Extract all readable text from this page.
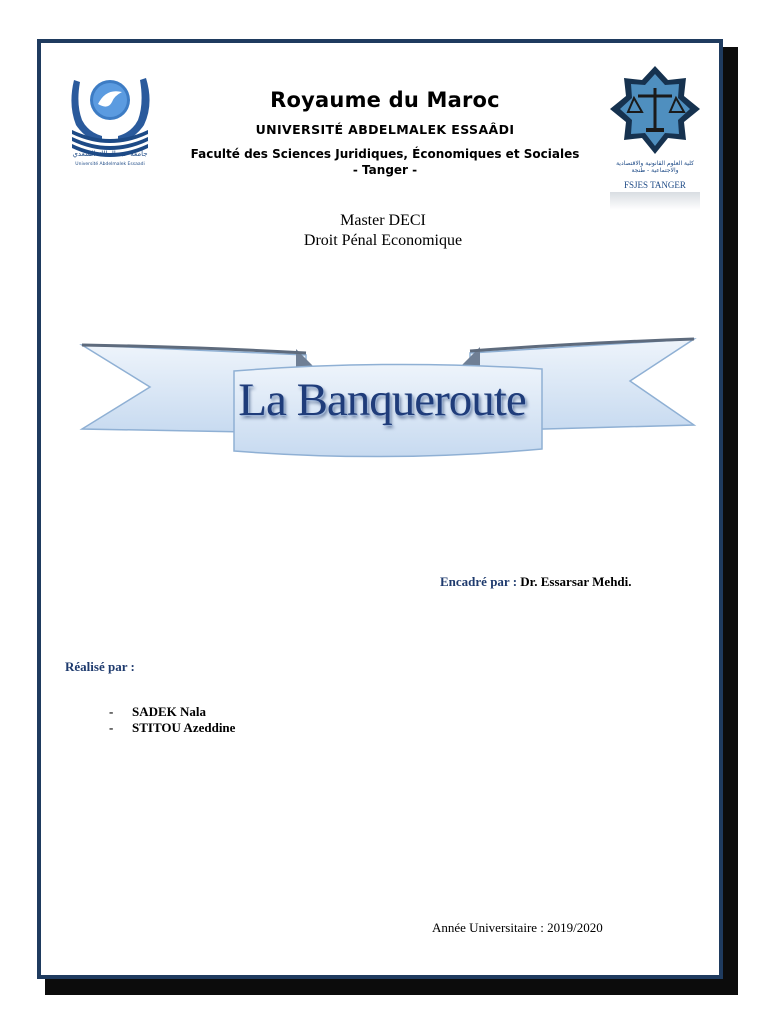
جامعة عبد المالك السعدي
Université Abdelmalek Essaadi
Royaume du Maroc
UNIVERSITÉ ABDELMALEK ESSAÂDI
Faculté des Sciences Juridiques, Économiques et Sociales
- Tanger -	كلية العلوم القانونية والاقتصادية والاجتماعية - طنجة
FSJES TANGER
Master DECI
Droit Pénal Economique
La Banqueroute
Encadré par : Dr. Essarsar Mehdi.
Réalisé par :
- SADEK Nala
- STITOU Azeddine
Année Universitaire : 2019/2020
